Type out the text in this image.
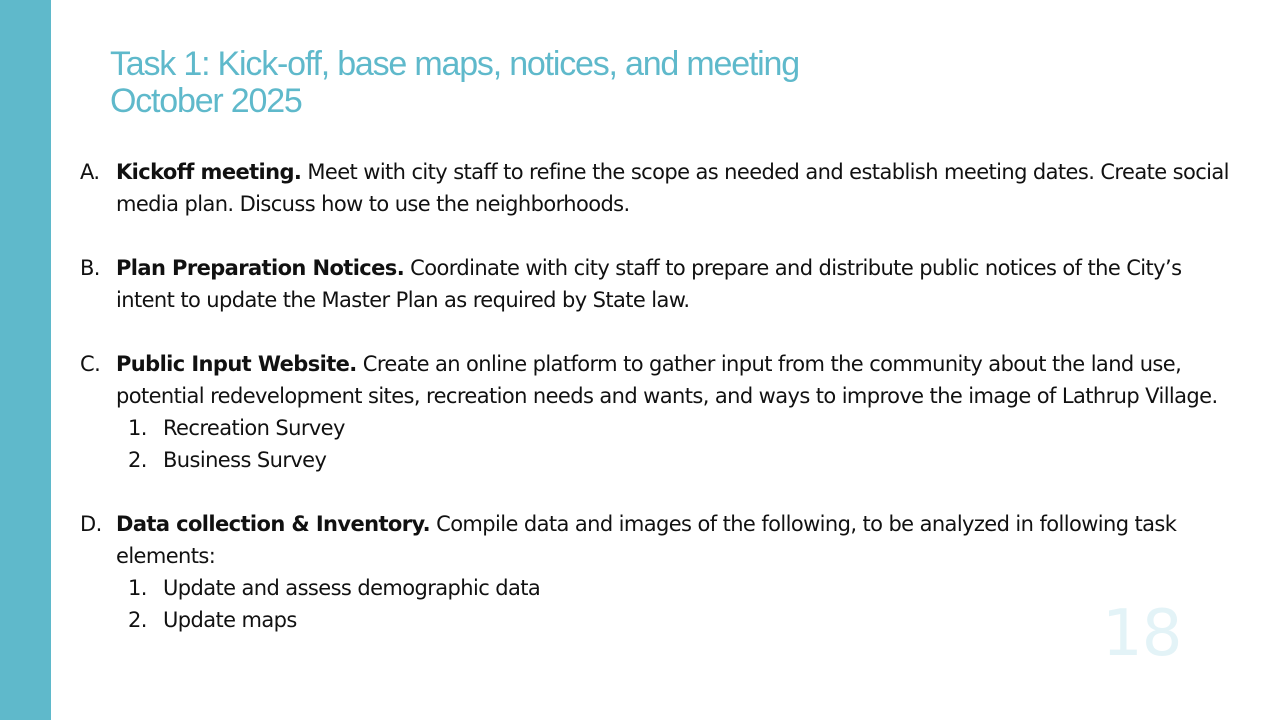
Task 1: Kick-off, base maps, notices, and meeting
October 2025
A. Kickoff meeting. Meet with city staff to refine the scope as needed and establish meeting dates. Create social media plan. Discuss how to use the neighborhoods.
B. Plan Preparation Notices. Coordinate with city staff to prepare and distribute public notices of the City’s intent to update the Master Plan as required by State law.
C. Public Input Website. Create an online platform to gather input from the community about the land use, potential redevelopment sites, recreation needs and wants, and ways to improve the image of Lathrup Village.
1. Recreation Survey
2. Business Survey
D. Data collection & Inventory. Compile data and images of the following, to be analyzed in following task elements:
1. Update and assess demographic data
2. Update maps	18
